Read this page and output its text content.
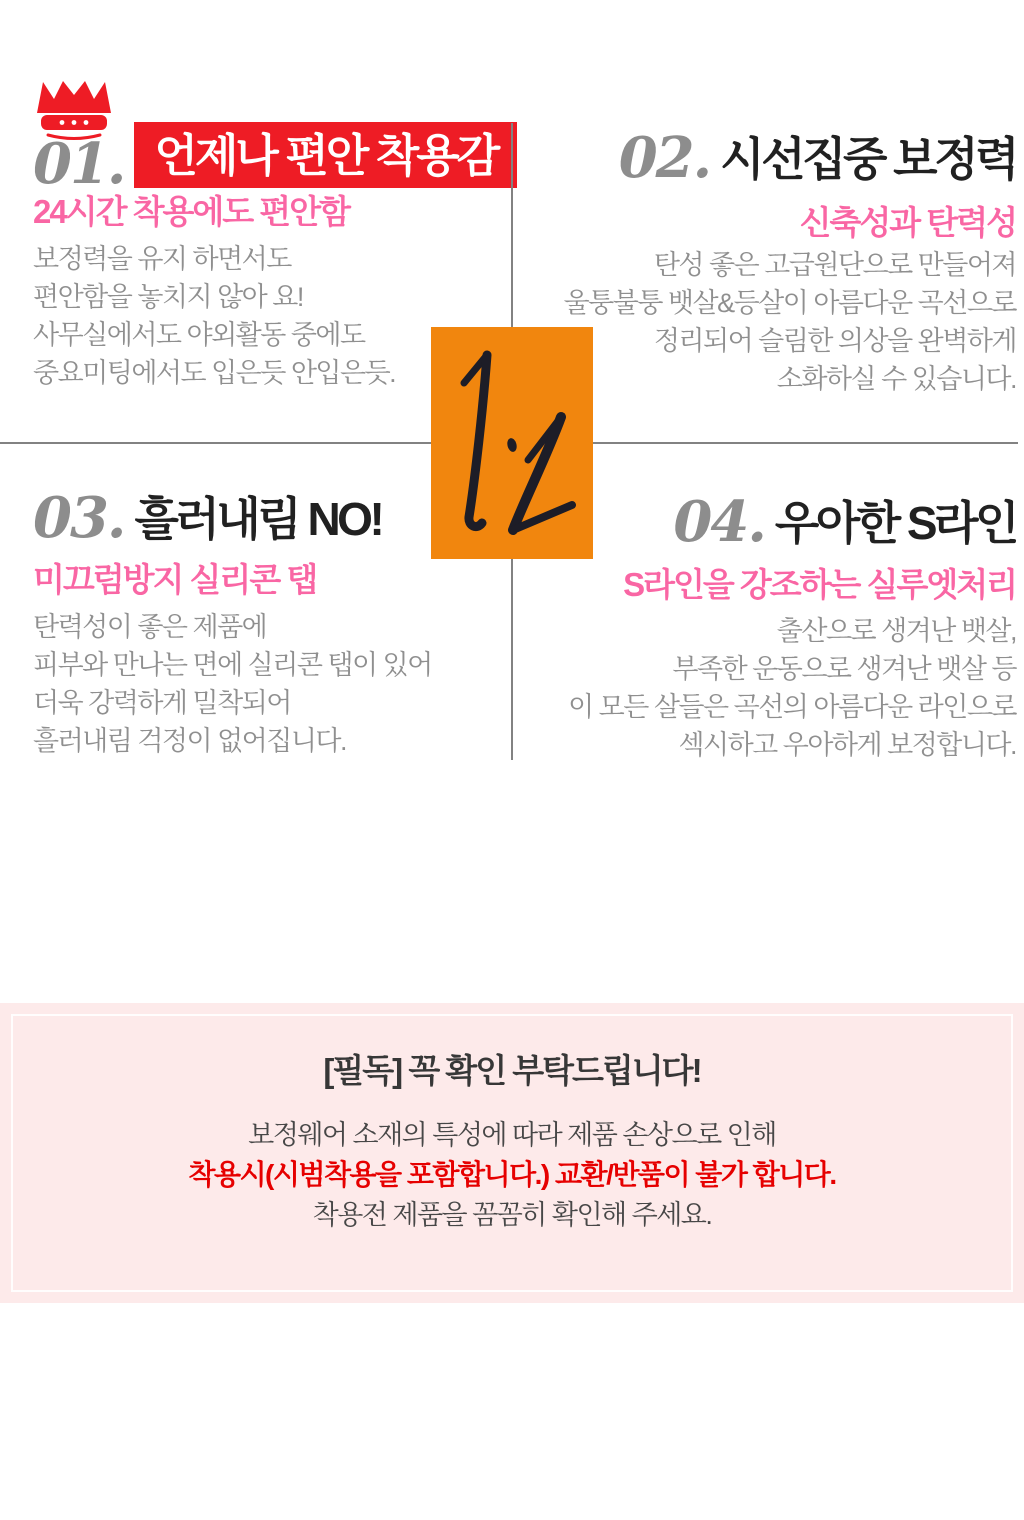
01. 언제나 편안 착용감
24시간 착용에도 편안함
보정력을 유지 하면서도
편안함을 놓치지 않아 요!
사무실에서도 야외활동 중에도
중요미팅에서도 입은듯 안입은듯.
02. 시선집중 보정력
신축성과 탄력성
탄성 좋은 고급원단으로 만들어져
울퉁불퉁 뱃살&등살이 아름다운 곡선으로
정리되어 슬림한 의상을 완벽하게
소화하실 수 있습니다.
03. 흘러내림 NO!
미끄럼방지 실리콘 탭
탄력성이 좋은 제품에
피부와 만나는 면에 실리콘 탭이 있어
더욱 강력하게 밀착되어
흘러내림 걱정이 없어집니다.
04. 우아한 S라인
S라인을 강조하는 실루엣처리
출산으로 생겨난 뱃살,
부족한 운동으로 생겨난 뱃살 등
이 모든 살들은 곡선의 아름다운 라인으로
섹시하고 우아하게 보정합니다.
[필독] 꼭 확인 부탁드립니다!
보정웨어 소재의 특성에 따라 제품 손상으로 인해
착용시(시범착용을 포함합니다.) 교환/반품이 불가 합니다.
착용전 제품을 꼼꼼히 확인해 주세요.
